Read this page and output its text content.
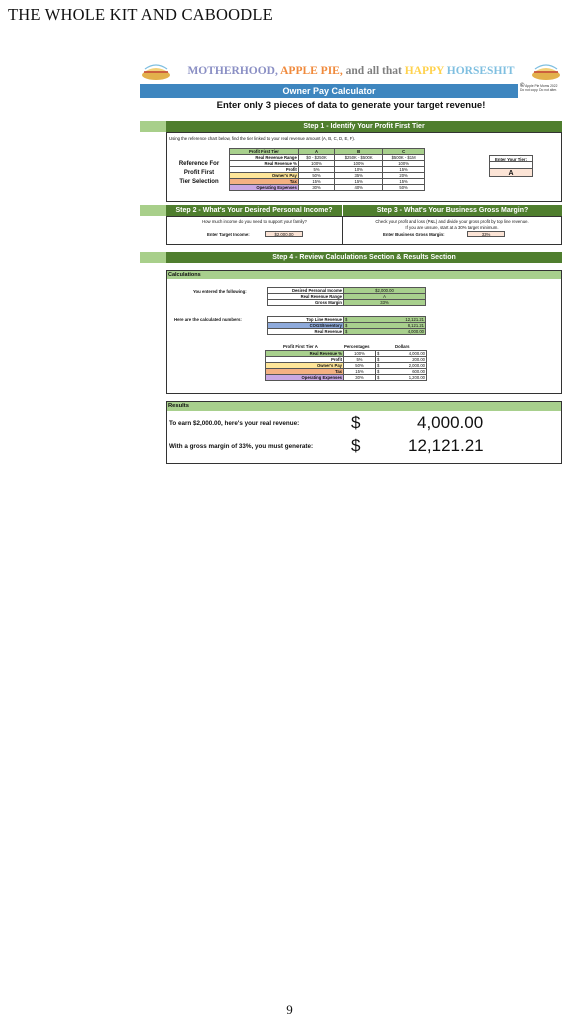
THE WHOLE KIT AND CABOODLE
MOTHERHOOD, APPLE PIE, and all that HAPPY HORSESHIT
Owner Pay Calculator	© Apple Pie Moms 2022
Do not copy. Do not alter.
Enter only 3 pieces of data to generate your target revenue!
Step 1 - Identify Your Profit First Tier
Using the reference chart below, find the tier linked to your real revenue amount (A, B, C, D, E, F).
Reference For
Profit First
Tier Selection
Profit First Tier	A	B	C
Real Revenue Range	$0 - $250K	$250K - $500K	$500K - $1M
Real Revenue %	100%	100%	100%
Profit	5%	10%	15%
Owner's Pay	50%	35%	20%
Tax	15%	15%	15%
Operating Expenses	30%	40%	50%
Enter Your Tier:
A
Step 2 - What's Your Desired Personal Income?	Step 3 - What's Your Business Gross Margin?
How much income do you need to support your family?
Enter Target Income:	$2,000.00
Check your profit and loss (P&L) and divide your gross profit by top line revenue.
If you are unsure, start at a 30% target minimum.
Enter Business Gross Margin:	33%
Step 4 - Review Calculations Section & Results Section
Calculations
You entered the following:	Desired Personal Income	$2,000.00
Real Revenue Range	A
Gross Margin	33%
Here are the calculated numbers:	Top Line Revenue	$	12,121.21
COGS/Inventory	$	8,121.21
Real Revenue	$	4,000.00
Profit First Tier A	Percentages	Dollars
Real Revenue %	100%	$	4,000.00
Profit	5%	$	200.00
Owner's Pay	50%	$	2,000.00
Tax	15%	$	600.00
Operating Expenses	30%	$	1,200.00
Results
To earn $2,000.00, here's your real revenue:	$	4,000.00
With a gross margin of 33%, you must generate: $	12,121.21
9
